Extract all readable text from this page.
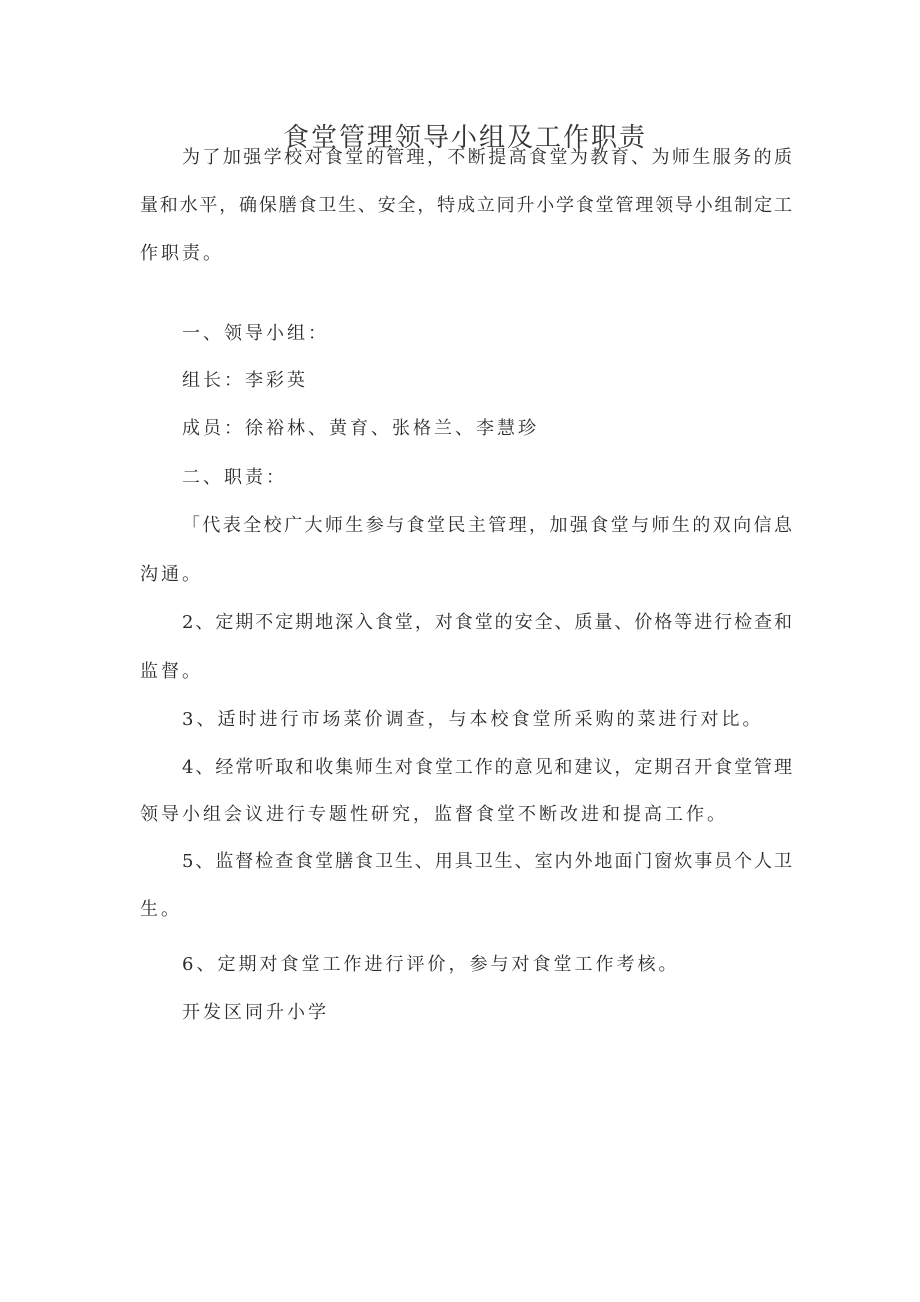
食堂管理领导小组及工作职责
为了加强学校对食堂的管理，不断提高食堂为教育、为师生服务的质
量和水平，确保膳食卫生、安全，特成立同升小学食堂管理领导小组制定工
作职责。
一、领导小组：
组长：李彩英
成员：徐裕林、黄育、张格兰、李慧珍
二、职责：
「代表全校广大师生参与食堂民主管理，加强食堂与师生的双向信息
沟通。
2、定期不定期地深入食堂，对食堂的安全、质量、价格等进行检查和
监督。
3、适时进行市场菜价调查，与本校食堂所采购的菜进行对比。
4、经常听取和收集师生对食堂工作的意见和建议，定期召开食堂管理
领导小组会议进行专题性研究，监督食堂不断改进和提高工作。
5、监督检查食堂膳食卫生、用具卫生、室内外地面门窗炊事员个人卫
生。
6、定期对食堂工作进行评价，参与对食堂工作考核。
开发区同升小学
